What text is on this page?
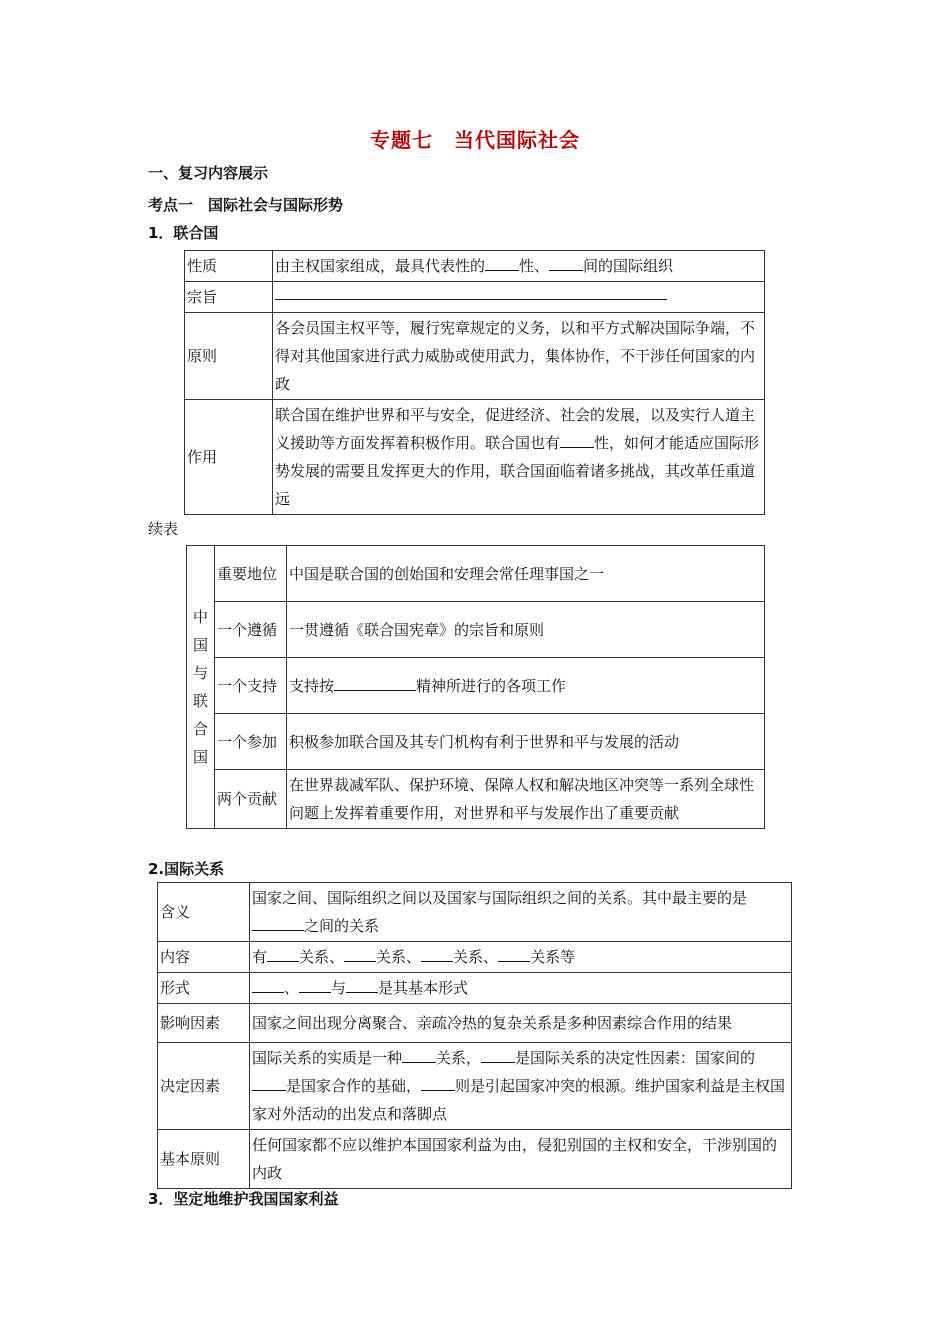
专题七　当代国际社会
一、复习内容展示
考点一　国际社会与国际形势
1．联合国
性质	由主权国家组成，最具代表性的 性、 间的国际组织
宗旨	

原则	各会员国主权平等，履行宪章规定的义务，以和平方式解决国际争端，不得对其他国家进行武力威胁或使用武力，集体协作，不干涉任何国家的内政
作用	联合国在维护世界和平与安全，促进经济、社会的发展，以及实行人道主义援助等方面发挥着积极作用。联合国也有 性，如何才能适应国际形势发展的需要且发挥更大的作用，联合国面临着诸多挑战，其改革任重道远
续表
中国与联合国	重要地位	中国是联合国的创始国和安理会常任理事国之一
	一个遵循	一贯遵循《联合国宪章》的宗旨和原则
	一个支持	支持按 精神所进行的各项工作
	一个参加	积极参加联合国及其专门机构有利于世界和平与发展的活动
	两个贡献	在世界裁减军队、保护环境、保障人权和解决地区冲突等一系列全球性问题上发挥着重要作用，对世界和平与发展作出了重要贡献
2.国际关系
含义	国家之间、国际组织之间以及国家与国际组织之间的关系。其中最主要的是之间的关系
内容	有 关系、 关系、 关系、 关系等
形式	、 与 是其基本形式
影响因素	国家之间出现分离聚合、亲疏冷热的复杂关系是多种因素综合作用的结果
决定因素	国际关系的实质是一种 关系， 是国际关系的决定性因素：国家间的是国家合作的基础， 则是引起国家冲突的根源。维护国家利益是主权国家对外活动的出发点和落脚点
基本原则	任何国家都不应以维护本国国家利益为由，侵犯别国的主权和安全，干涉别国的内政
3．坚定地维护我国国家利益
